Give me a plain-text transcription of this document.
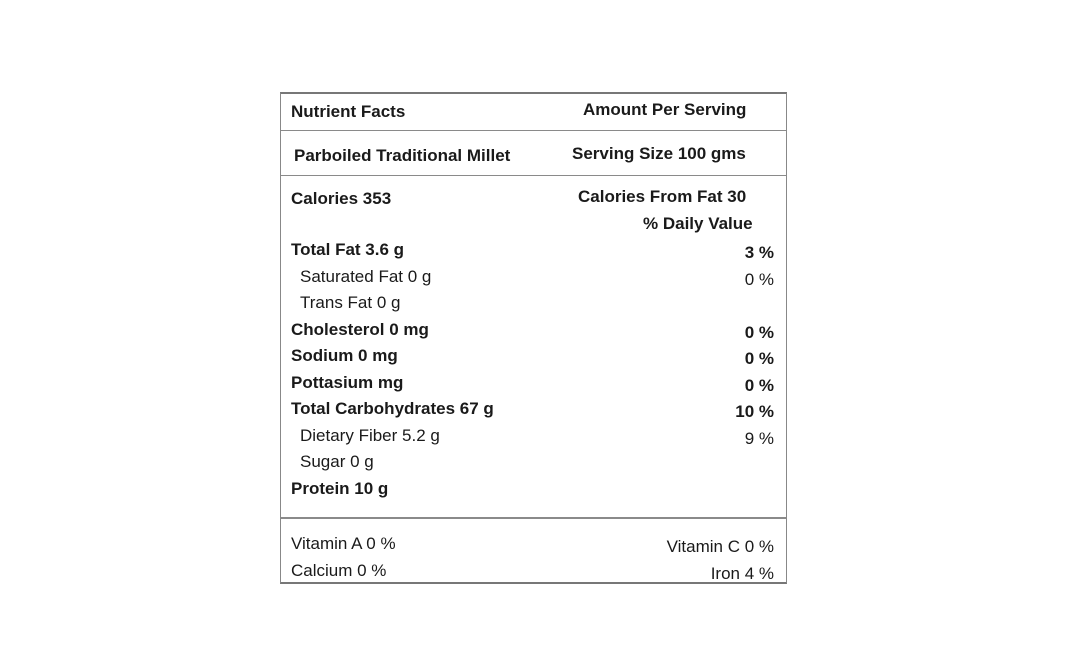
Nutrient Facts	Amount Per Serving
Parboiled Traditional Millet	Serving Size 100 gms
Calories 353	Calories From Fat 30
% Daily Value
Total Fat 3.6 g	3 %
Saturated Fat 0 g	0 %
Trans Fat 0 g
Cholesterol 0 mg	0 %
Sodium 0 mg	0 %
Pottasium mg	0 %
Total Carbohydrates 67 g	10 %
Dietary Fiber 5.2 g	9 %
Sugar 0 g
Protein 10 g
Vitamin A 0 %	Vitamin C 0 %
Calcium 0 %	Iron 4 %
